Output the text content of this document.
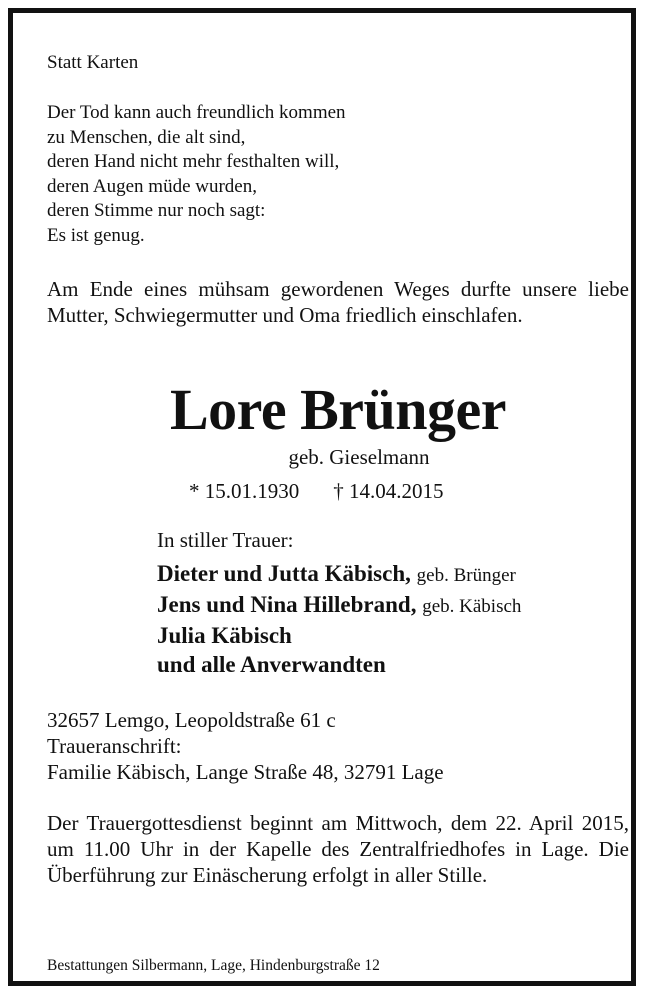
Statt Karten
Der Tod kann auch freundlich kommen
zu Menschen, die alt sind,
deren Hand nicht mehr festhalten will,
deren Augen müde wurden,
deren Stimme nur noch sagt:
Es ist genug.
Am Ende eines mühsam gewordenen Weges durfte unsere liebe Mutter, Schwiegermutter und Oma friedlich einschlafen.
Lore Brünger
geb. Gieselmann
* 15.01.1930 † 14.04.2015
In stiller Trauer:
Dieter und Jutta Käbisch, geb. Brünger
Jens und Nina Hillebrand, geb. Käbisch
Julia Käbisch
und alle Anverwandten
32657 Lemgo, Leopoldstraße 61 c
Traueranschrift:
Familie Käbisch, Lange Straße 48, 32791 Lage
Der Trauergottesdienst beginnt am Mittwoch, dem 22. April 2015, um 11.00 Uhr in der Kapelle des Zentralfriedhofes in Lage. Die Überführung zur Einäscherung erfolgt in aller Stille.
Bestattungen Silbermann, Lage, Hindenburgstraße 12
